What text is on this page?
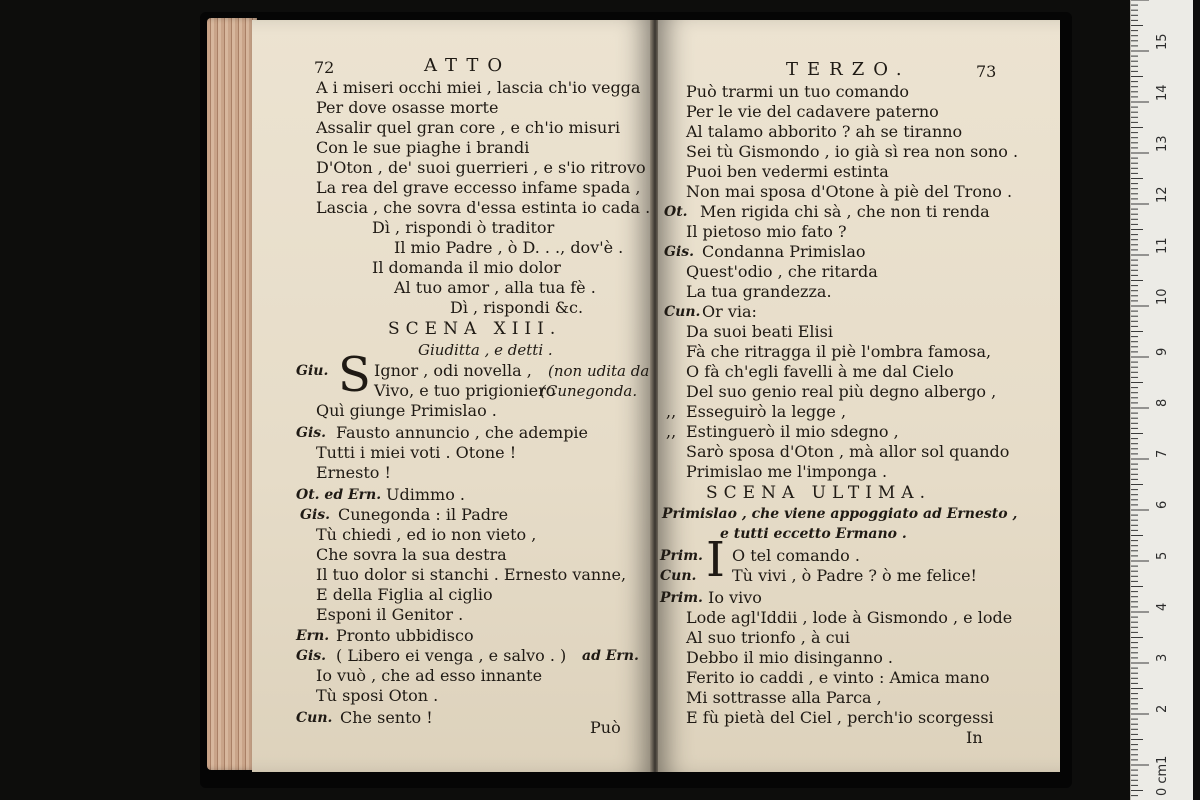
72	ATTO
A i miseri occhi miei , lascia ch'io vegga
Per dove osasse morte
Assalir quel gran core , e ch'io misuri
Con le sue piaghe i brandi
D'Oton , de' suoi guerrieri , e s'io ritrovo
La rea del grave eccesso infame spada ,
Lascia , che sovra d'essa estinta io cada .
Dì , rispondi ò traditor
Il mio Padre , ò D. . ., dov'è .
Il domanda il mio dolor
Al tuo amor , alla tua fè .
Dì , rispondi &c.
SCENA XIII.
Giuditta , e detti .
Giu. S Ignor , odi novella , (non udita da
Vivo, e tuo prigioniero
(Cunegonda.
Quì giunge Primislao .
Gis. Fausto annuncio , che adempie
Tutti i miei voti . Otone !
Ernesto !
Ot. ed Ern. Udimmo .
Gis. Cunegonda : il Padre
Tù chiedi , ed io non vieto ,
Che sovra la sua destra
Il tuo dolor si stanchi . Ernesto vanne,
E della Figlia al ciglio
Esponi il Genitor .
Ern. Pronto ubbidisco
Gis. ( Libero ei venga , e salvo . ) ad Ern.
Io vuò , che ad esso innante
Tù sposi Oton .
Cun. Che sento !
Può
TERZO.	73
Può trarmi un tuo comando
Per le vie del cadavere paterno
Al talamo abborito ? ah se tiranno
Sei tù Gismondo , io già sì rea non sono .
Puoi ben vedermi estinta
Non mai sposa d'Otone à piè del Trono .
Ot. Men rigida chi sà , che non ti renda
Il pietoso mio fato ?
Gis. Condanna Primislao
Quest'odio , che ritarda
La tua grandezza.
Cun. Or via:
Da suoi beati Elisi
Fà che ritragga il piè l'ombra famosa,
O fà ch'egli favelli à me dal Cielo
Del suo genio real più degno albergo ,
,, Esseguirò la legge ,
,, Estinguerò il mio sdegno ,
Sarò sposa d'Oton , mà allor sol quando
Primislao me l'imponga .
SCENA ULTIMA.
Primislao , che viene appoggiato ad Ernesto ,
e tutti eccetto Ermano .
Prim. I O tel comando .
Cun. Tù vivi , ò Padre ? ò me felice!
Prim. Io vivo
Lode agl'Iddii , lode à Gismondo , e lode
Al suo trionfo , à cui
Debbo il mio disinganno .
Ferito io caddi , e vinto : Amica mano
Mi sottrasse alla Parca ,
E fù pietà del Ciel , perch'io scorgessi
In
15
14
13
12
11
10
9
8
7
6
5
4
3
2
1
0 cm
